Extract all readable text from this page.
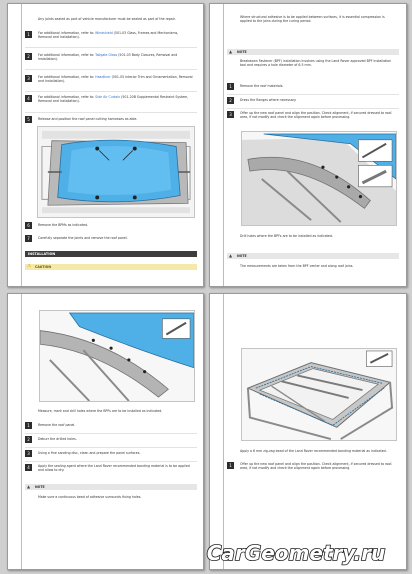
Any joints sealed as part of vehicle manufacturer must be sealed as part of the repair.
1	For additional information, refer to: Windshield (501-03 Glass, Frames and Mechanisms, Removal and Installation).
2	For additional information, refer to: Tailgate Glass (501-03 Body Closures, Removal and Installation).
3	For additional information, refer to: Headliner (501-05 Interior Trim and Ornamentation, Removal and Installation).
4	For additional information, refer to: Side Air Curtain (501-20B Supplemental Restraint System, Removal and Installation).
5	Release and position the roof panel cutting harnesses as able.
6	Remove the BPMs as indicated.
7	Carefully separate the joints and remove the roof panel.
INSTALLATION
⚠ CAUTION
Where structural adhesive is to be applied between surfaces, it is essential compression is applied to the joins during the curing period.
▲	NOTE
Breakdown Fastener (BPF) installation involves using the Land Rover approved BPF installation tool and requires a hole diameter of 6.5 mm.
1	Remove the roof materials.
2	Dress the flanges where necessary.
3	Offer up the new roof panel and align the position. Check alignment, if secured dressed to roof-area, if not modify and check the alignment again before processing.
Drill holes where the BPFs are to be installed as indicated.
▲	NOTE
The measurements are taken from the BPF center and along roof joins.
Measure, mark and drill holes where the BPFs are to be installed as indicated.
1	Remove the roof panel.
2	Deburr the drilled holes.
3	Using a fine sanding disc, clean and prepare the panel surfaces.
4	Apply the sealing agent where the Land Rover recommended bonding material is to be applied and allow to dry.
▲	NOTE
Make sure a continuous bead of adhesive surrounds fixing holes.
Apply a 6 mm zig-zag bead of the Land Rover recommended bonding material as indicated.
1	Offer up the new roof panel and align the position. Check alignment, if secured dressed to roof-area, if not modify and check the alignment again before processing.
CarGeometry.ru
